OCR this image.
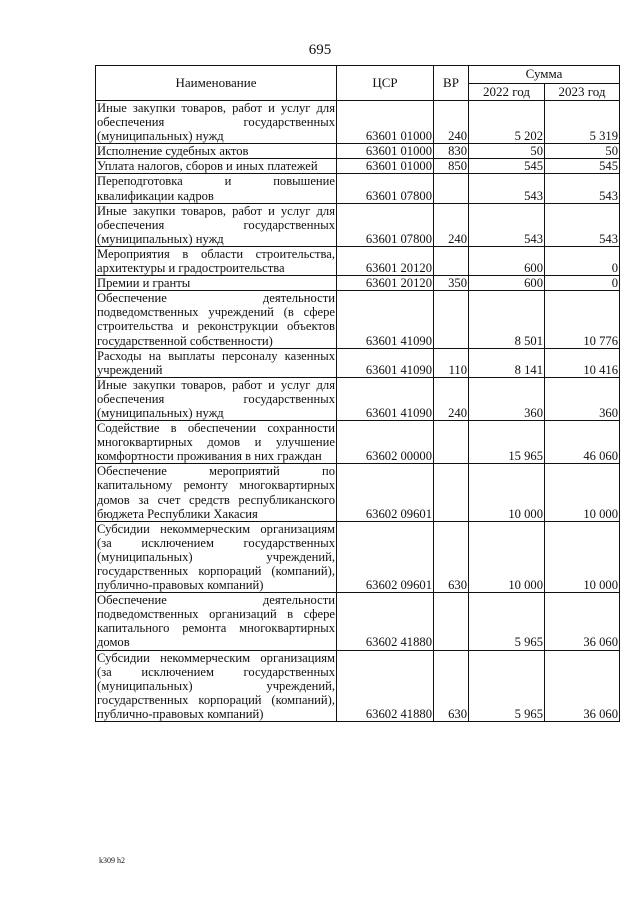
695
Наименование	ЦСР	ВР	Сумма	
			2022 год	2023 год
Иные закупки товаров, работ и услуг для обеспечения государственных (муниципальных) нужд	63601 01000	240	5 202	5 319
Исполнение судебных актов	63601 01000	830	50	50
Уплата налогов, сборов и иных платежей	63601 01000	850	545	545
Переподготовка и повышение квалификации кадров	63601 07800		543	543
Иные закупки товаров, работ и услуг для обеспечения государственных (муниципальных) нужд	63601 07800	240	543	543
Мероприятия в области строительства, архитектуры и градостроительства	63601 20120		600	0
Премии и гранты	63601 20120	350	600	0
Обеспечение деятельности подведомственных учреждений (в сфере строительства и реконструкции объектов государственной собственности)	63601 41090		8 501	10 776
Расходы на выплаты персоналу казенных учреждений	63601 41090	110	8 141	10 416
Иные закупки товаров, работ и услуг для обеспечения государственных (муниципальных) нужд	63601 41090	240	360	360
Содействие в обеспечении сохранности многоквартирных домов и улучшение комфортности проживания в них граждан	63602 00000		15 965	46 060
Обеспечение мероприятий по капитальному ремонту многоквартирных домов за счет средств республиканского бюджета Республики Хакасия	63602 09601		10 000	10 000
Субсидии некоммерческим организациям (за исключением государственных (муниципальных) учреждений, государственных корпораций (компаний), публично-правовых компаний)	63602 09601	630	10 000	10 000
Обеспечение деятельности подведомственных организаций в сфере капитального ремонта многоквартирных домов	63602 41880		5 965	36 060
Субсидии некоммерческим организациям (за исключением государственных (муниципальных) учреждений, государственных корпораций (компаний), публично-правовых компаний)	63602 41880	630	5 965	36 060
k309 h2
